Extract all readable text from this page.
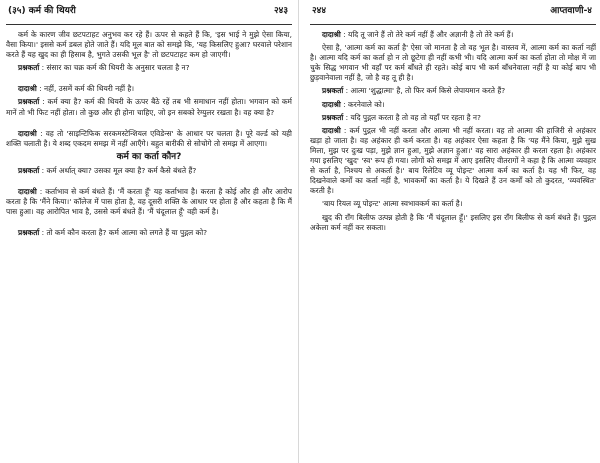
(३५) कर्म की थियरी	२४३

कर्म के कारण जीव छटपटाहट अनुभव कर रहे हैं। ऊपर से कहते हैं कि, 'इस भाई ने मुझे ऐसा किया, वैसा किया।' इससे कर्म डबल होते जाते हैं। यदि मूल बात को समझे कि, 'यह किसलिए हुआ? घरवाले परेशान करते हैं यह खुद का ही हिसाब है, भुगते उसकी भूल है' तो छटपटाहट कम हो जाएगी।

प्रश्नकर्ता : संसार का चक्र कर्म की थियरी के अनुसार चलता है न?

दादाश्री : नहीं, उसमें कर्म की थियरी नहीं है।

प्रश्नकर्ता : कर्म क्या है? कर्म की थियरी के ऊपर बैठे रहें तब भी समाधान नहीं होता। भगवान को कर्म मानें तो भी फिट नहीं होता। तो कुछ और ही होना चाहिए, जो इन सबको रेग्युलर रखता है। वह क्या है?

दादाश्री : वह तो 'साइन्टिफिक सरकमस्टेन्शियल एविडेन्स' के आधार पर चलता है। पूरे वर्ल्ड को यही शक्ति चलाती है। ये शब्द एकदम समझ में नहीं आएँगे। बहुत बारीकी से सोचोगे तो समझ में आएगा।

कर्म का कर्ता कौन?

प्रश्नकर्ता : कर्म अर्थात् क्या? उसका मूल क्या है? कर्म कैसे बंधते हैं?

दादाश्री : कर्ताभाव से कर्म बंधते हैं। 'मैं करता हूँ' यह कर्ताभाव है। करता है कोई और ही और आरोप करता है कि 'मैंने किया।' कॉलेज में पास होता है, वह दूसरी शक्ति के आधार पर होता है और कहता है कि मैं पास हुआ। वह आरोपित भाव है, उससे कर्म बंधते हैं। 'मैं चंदूलाल हूँ' वही कर्म है।

प्रश्नकर्ता : तो कर्म कौन करता है? कर्म आत्मा को लगते हैं या पुद्गल को?

२४४	आप्तवाणी-४

दादाश्री : यदि तू जाने हैं तो तेरे कर्म नहीं हैं और अज्ञानी है तो तेरे कर्म हैं।

ऐसा है, 'आत्मा कर्म का कर्ता है' ऐसा जो मानता है तो वह भूल है। वास्तव में, आत्मा कर्म का कर्ता नहीं है। आत्मा यदि कर्म का कर्ता हो न तो छूटेगा ही नहीं कभी भी। यदि आत्मा कर्म का कर्ता होता तो मोक्ष में जा चुके सिद्ध भगवान भी वहाँ पर कर्म बाँधते ही रहते। कोई बाप भी कर्म बाँधनेवाला नहीं है या कोई बाप भी छुड़वानेवाला नहीं है, जो है वह तू ही है।

प्रश्नकर्ता : आत्मा 'शुद्धात्मा' है, तो फिर कर्म किसे लेपायमान करते हैं?

दादाश्री : करनेवाले को।

प्रश्नकर्ता : यदि पुद्गल करता है तो वह तो यहाँ पर रहता है न?

दादाश्री : कर्म पुद्गल भी नहीं करता और आत्मा भी नहीं करता। वह तो आत्मा की हाजिरी से अहंकार खड़ा हो जाता है। वह अहंकार ही कर्म करता है। वह अहंकार ऐसा कहता है कि 'यह मैंने किया, मुझे सुख मिला, मुझ पर दुःख पड़ा, मुझे ज्ञान हुआ, मुझे अज्ञान हुआ।' वह सारा अहंकार ही करता रहता है। अहंकार गया इसलिए 'खुद' 'स्व' रूप ही गया। लोगों को समझ में आए इसलिए वीतरागों ने कहा है कि आत्मा व्यवहार से कर्ता है, निश्चय से अकर्ता है।' बाय रिलेटिव व्यू पोइन्ट' आत्मा कर्म का कर्ता है। यह भी फिर, वह दिखनेवाले कर्मों का कर्ता नहीं है, भावकर्मों का कर्ता है। ये दिखते हैं उन कर्मों को तो कुदरत, 'व्यवस्थित' करती है।

'बाय रियल व्यू पोइन्ट' आत्मा स्वभावकर्म का कर्ता है।

खुद की रॉंग बिलीफ उत्पन्न होती है कि 'मैं चंदूलाल हूँ।' इसलिए इस रॉंग बिलीफ से कर्म बंधते हैं। पुद्गल अकेला कर्म नहीं कर सकता।
